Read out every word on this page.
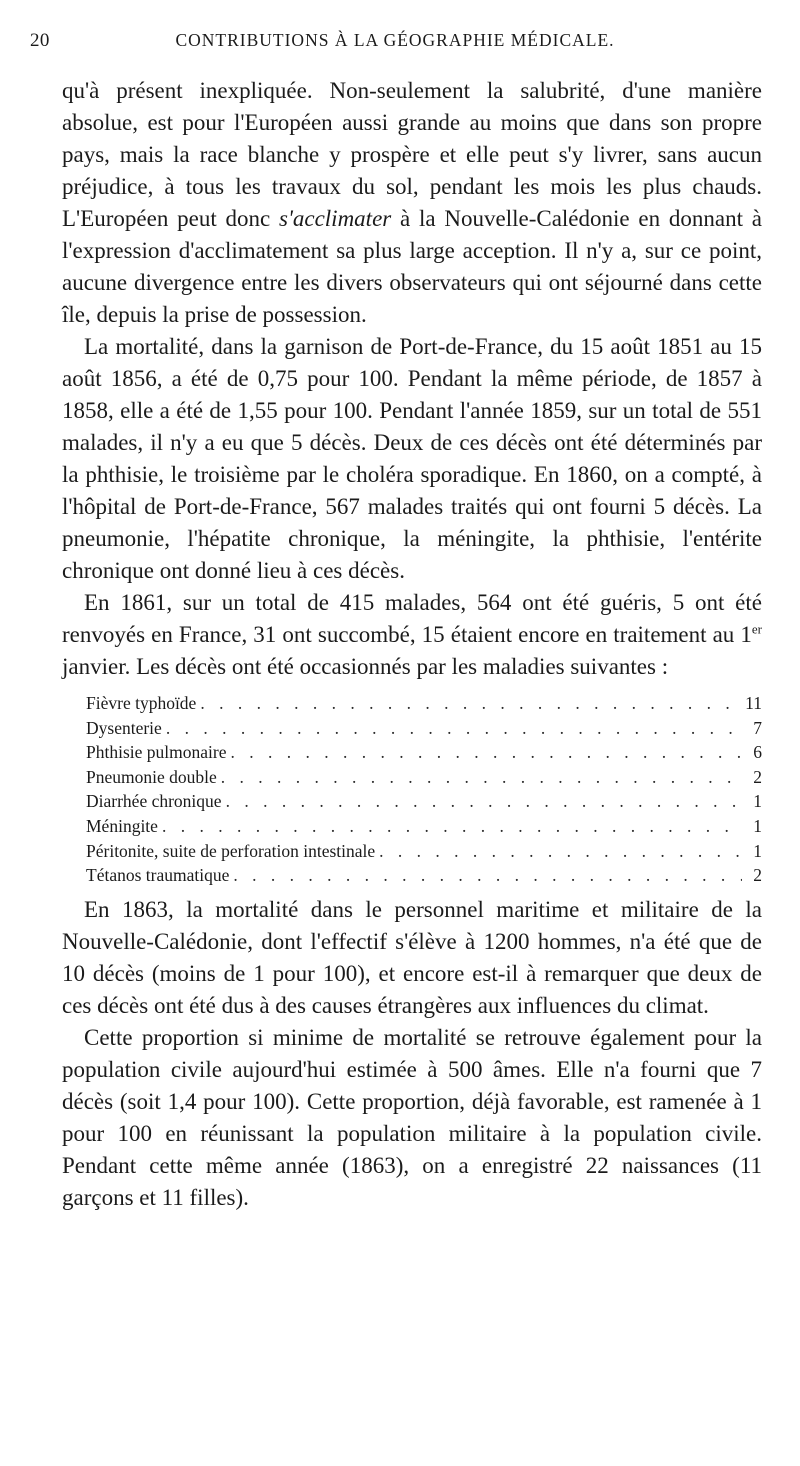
20	CONTRIBUTIONS À LA GÉOGRAPHIE MÉDICALE.

qu'à présent inexpliquée. Non-seulement la salubrité, d'une manière absolue, est pour l'Européen aussi grande au moins que dans son propre pays, mais la race blanche y prospère et elle peut s'y livrer, sans aucun préjudice, à tous les travaux du sol, pendant les mois les plus chauds. L'Européen peut donc s'acclimater à la Nouvelle-Calédonie en donnant à l'expression d'acclimatement sa plus large acception. Il n'y a, sur ce point, aucune divergence entre les divers observateurs qui ont séjourné dans cette île, depuis la prise de possession.

La mortalité, dans la garnison de Port-de-France, du 15 août 1851 au 15 août 1856, a été de 0,75 pour 100. Pendant la même période, de 1857 à 1858, elle a été de 1,55 pour 100. Pendant l'année 1859, sur un total de 551 malades, il n'y a eu que 5 décès. Deux de ces décès ont été déterminés par la phthisie, le troisième par le choléra sporadique. En 1860, on a compté, à l'hôpital de Port-de-France, 567 malades traités qui ont fourni 5 décès. La pneumonie, l'hépatite chronique, la méningite, la phthisie, l'entérite chronique ont donné lieu à ces décès.

En 1861, sur un total de 415 malades, 564 ont été guéris, 5 ont été renvoyés en France, 31 ont succombé, 15 étaient encore en traitement au 1er janvier. Les décès ont été occasionnés par les maladies suivantes :

Fièvre typhoïde . . .	11
Dysenterie . . .	7
Phthisie pulmonaire . . .	6
Pneumonie double . . .	2
Diarrhée chronique . . .	1
Méningite . . .	1
Péritonite, suite de perforation intestinale . . .	1
Tétanos traumatique . . .	2

En 1863, la mortalité dans le personnel maritime et militaire de la Nouvelle-Calédonie, dont l'effectif s'élève à 1200 hommes, n'a été que de 10 décès (moins de 1 pour 100), et encore est-il à remarquer que deux de ces décès ont été dus à des causes étrangères aux influences du climat.

Cette proportion si minime de mortalité se retrouve également pour la population civile aujourd'hui estimée à 500 âmes. Elle n'a fourni que 7 décès (soit 1,4 pour 100). Cette proportion, déjà favorable, est ramenée à 1 pour 100 en réunissant la population militaire à la population civile. Pendant cette même année (1863), on a enregistré 22 naissances (11 garçons et 11 filles).
